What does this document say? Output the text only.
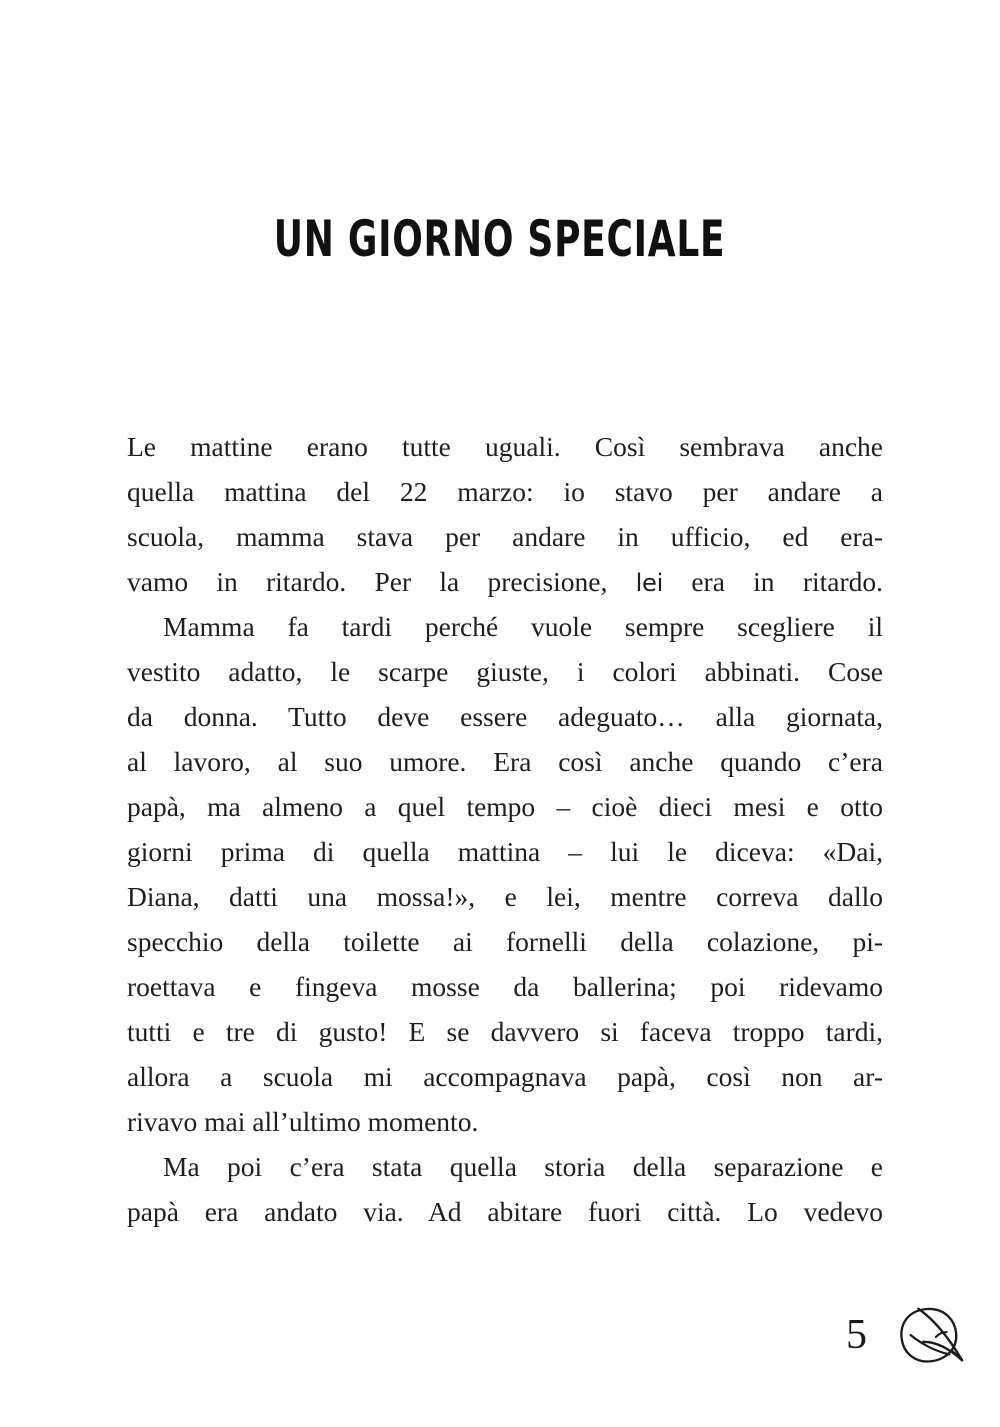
UN GIORNO SPECIALE
Le mattine erano tutte uguali. Così sembrava anche
quella mattina del 22 marzo: io stavo per andare a
scuola, mamma stava per andare in ufficio, ed era-
vamo in ritardo. Per la precisione, lei era in ritardo.
Mamma fa tardi perché vuole sempre scegliere il
vestito adatto, le scarpe giuste, i colori abbinati. Cose
da donna. Tutto deve essere adeguato… alla giornata,
al lavoro, al suo umore. Era così anche quando c’era
papà, ma almeno a quel tempo – cioè dieci mesi e otto
giorni prima di quella mattina – lui le diceva: «Dai,
Diana, datti una mossa!», e lei, mentre correva dallo
specchio della toilette ai fornelli della colazione, pi-
roettava e fingeva mosse da ballerina; poi ridevamo
tutti e tre di gusto! E se davvero si faceva troppo tardi,
allora a scuola mi accompagnava papà, così non ar-
rivavo mai all’ultimo momento.
Ma poi c’era stata quella storia della separazione e
papà era andato via. Ad abitare fuori città. Lo vedevo
5
